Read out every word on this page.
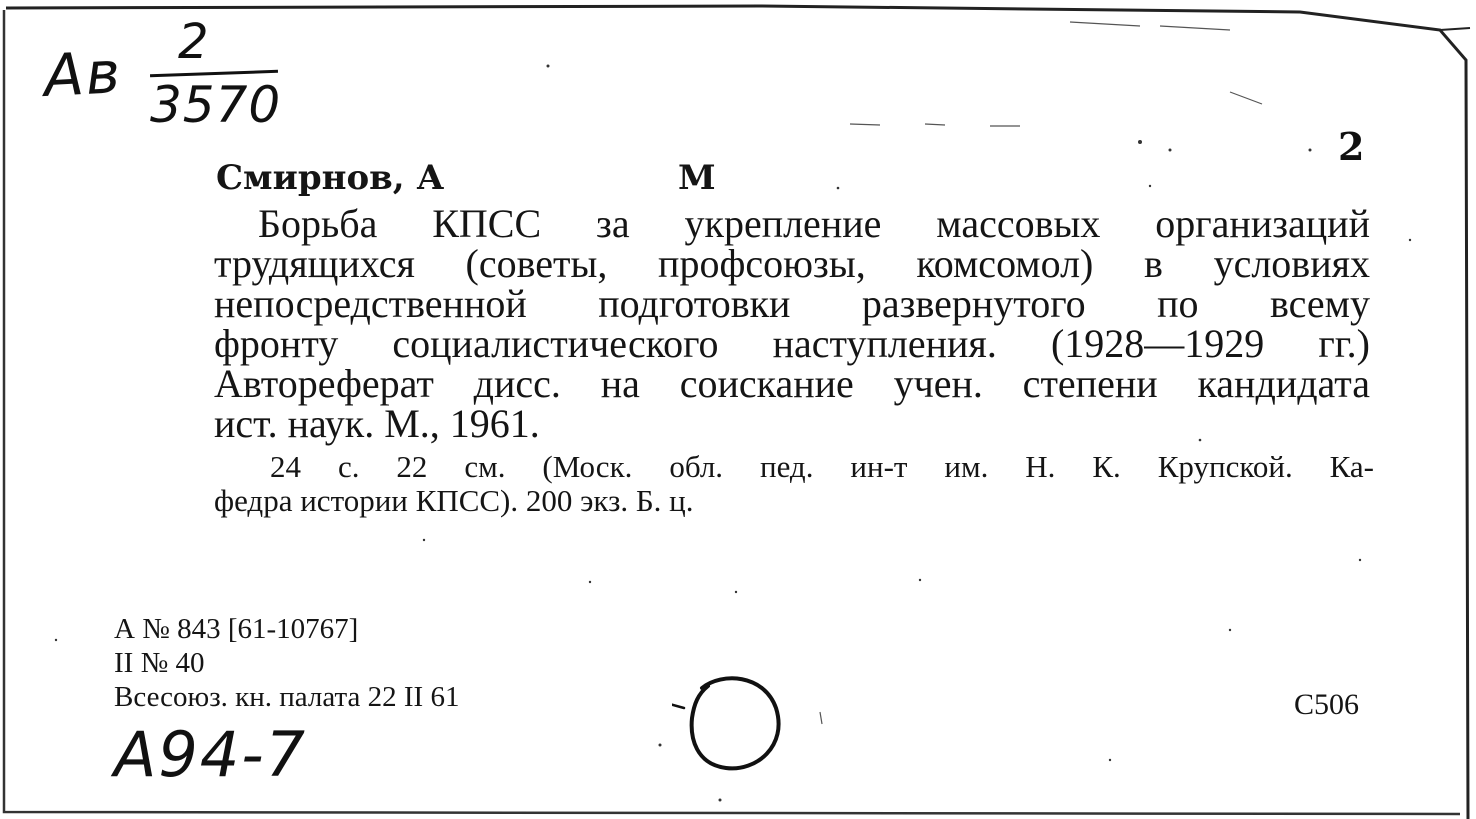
Ав 2
3570
2
Смирнов, А	М
Борьба КПСС за укрепление массовых организаций
трудящихся (советы, профсоюзы, комсомол) в условиях
непосредственной подготовки развернутого по всему
фронту социалистического наступления. (1928—1929 гг.)
Автореферат дисс. на соискание учен. степени кандидата
ист. наук. М., 1961.
24 с. 22 см. (Моск. обл. пед. ин-т им. Н. К. Крупской. Ка-
федра истории КПСС). 200 экз. Б. ц.
А № 843 [61-10767]
II № 40
Всесоюз. кн. палата 22 II 61	С506
А94-7
